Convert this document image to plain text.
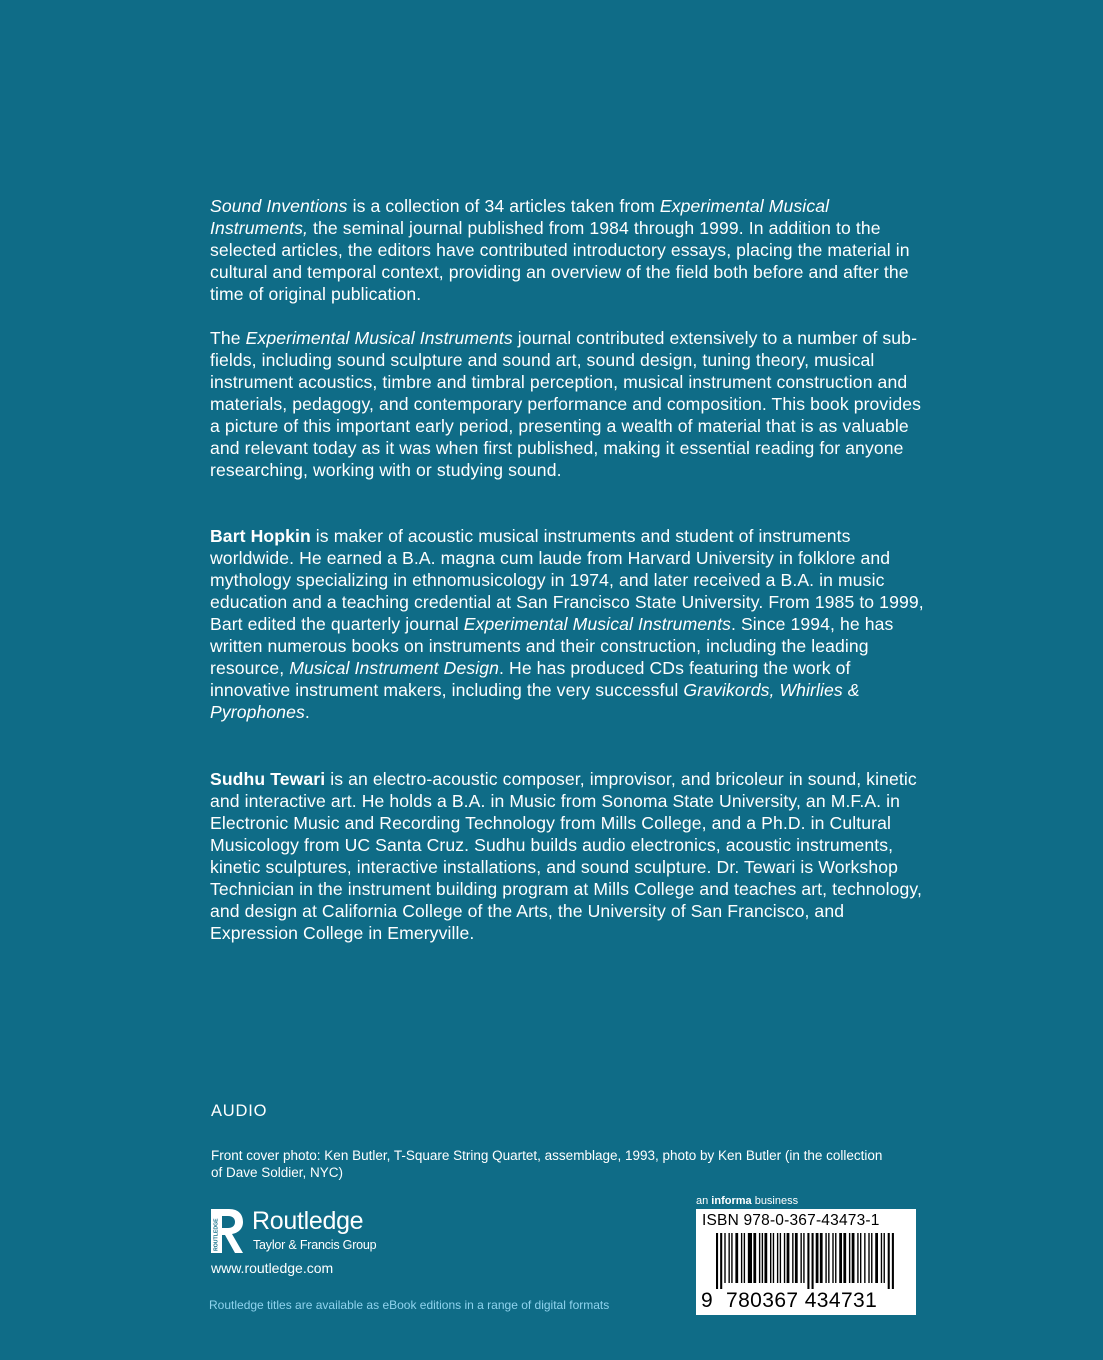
Sound Inventions is a collection of 34 articles taken from Experimental Musical Instruments, the seminal journal published from 1984 through 1999. In addition to the selected articles, the editors have contributed introductory essays, placing the material in cultural and temporal context, providing an overview of the field both before and after the time of original publication.

The Experimental Musical Instruments journal contributed extensively to a number of sub-fields, including sound sculpture and sound art, sound design, tuning theory, musical instrument acoustics, timbre and timbral perception, musical instrument construction and materials, pedagogy, and contemporary performance and composition. This book provides a picture of this important early period, presenting a wealth of material that is as valuable and relevant today as it was when first published, making it essential reading for anyone researching, working with or studying sound.

Bart Hopkin is maker of acoustic musical instruments and student of instruments worldwide. He earned a B.A. magna cum laude from Harvard University in folklore and mythology specializing in ethnomusicology in 1974, and later received a B.A. in music education and a teaching credential at San Francisco State University. From 1985 to 1999, Bart edited the quarterly journal Experimental Musical Instruments. Since 1994, he has written numerous books on instruments and their construction, including the leading resource, Musical Instrument Design. He has produced CDs featuring the work of innovative instrument makers, including the very successful Gravikords, Whirlies & Pyrophones.

Sudhu Tewari is an electro-acoustic composer, improvisor, and bricoleur in sound, kinetic and interactive art. He holds a B.A. in Music from Sonoma State University, an M.F.A. in Electronic Music and Recording Technology from Mills College, and a Ph.D. in Cultural Musicology from UC Santa Cruz. Sudhu builds audio electronics, acoustic instruments, kinetic sculptures, interactive installations, and sound sculpture. Dr. Tewari is Workshop Technician in the instrument building program at Mills College and teaches art, technology, and design at California College of the Arts, the University of San Francisco, and Expression College in Emeryville.

AUDIO
Front cover photo: Ken Butler, T-Square String Quartet, assemblage, 1993, photo by Ken Butler (in the collection of Dave Soldier, NYC)
ROUTLEDGE Routledge
Taylor & Francis Group
www.routledge.com
Routledge titles are available as eBook editions in a range of digital formats
an informa business
ISBN 978-0-367-43473-1
9 780367 434731
